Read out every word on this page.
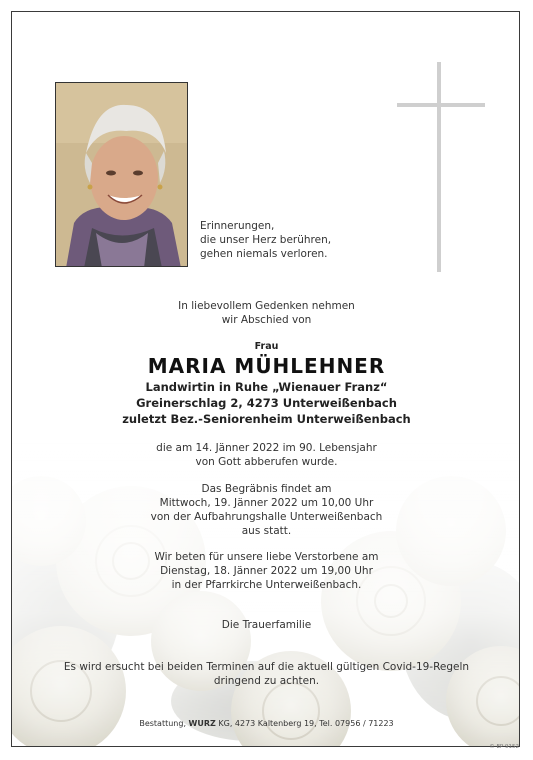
Erinnerungen,
die unser Herz berühren,
gehen niemals verloren.
In liebevollem Gedenken nehmen
wir Abschied von
Frau
MARIA MÜHLEHNER
Landwirtin in Ruhe „Wienauer Franz“
Greinerschlag 2, 4273 Unterweißenbach
zuletzt Bez.-Seniorenheim Unterweißenbach
die am 14. Jänner 2022 im 90. Lebensjahr
von Gott abberufen wurde.
Das Begräbnis findet am
Mittwoch, 19. Jänner 2022 um 10,00 Uhr
von der Aufbahrungshalle Unterweißenbach
aus statt.
Wir beten für unsere liebe Verstorbene am
Dienstag, 18. Jänner 2022 um 19,00 Uhr
in der Pfarrkirche Unterweißenbach.
Die Trauerfamilie
Es wird ersucht bei beiden Terminen auf die aktuell gültigen Covid-19-Regeln
dringend zu achten.
Bestattung, WURZ KG, 4273 Kaltenberg 19, Tel. 07956 / 71223
© EP 9152
